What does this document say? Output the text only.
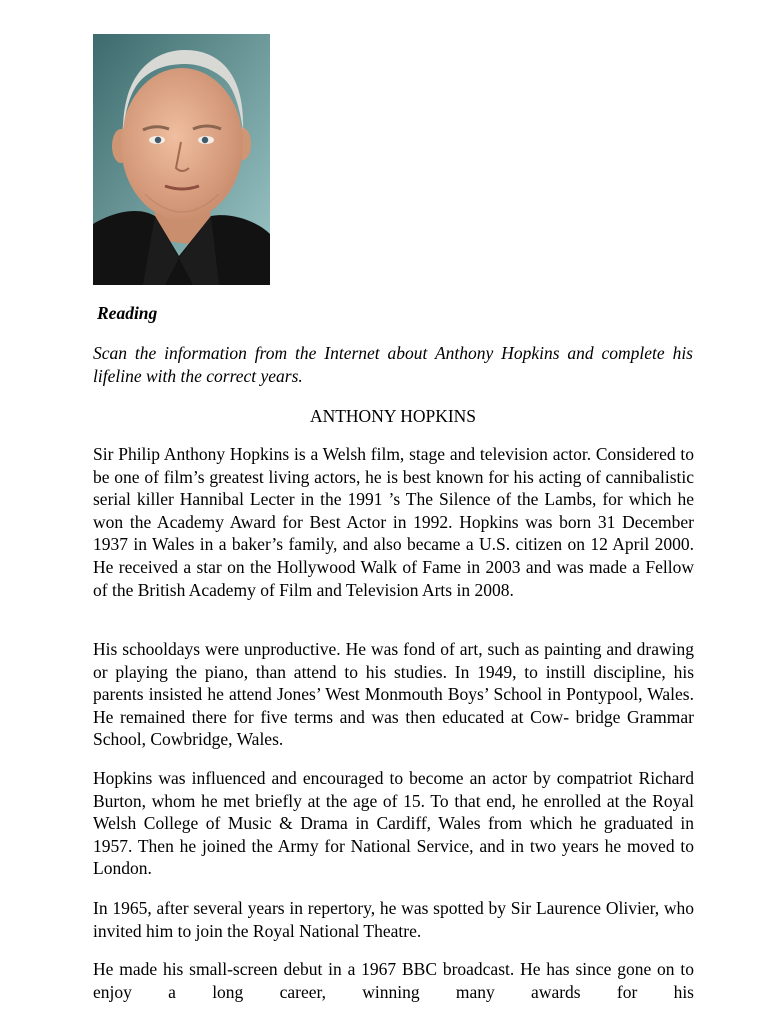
Reading

Scan the information from the Internet about Anthony Hopkins and complete his lifeline with the correct years.

ANTHONY HOPKINS

Sir Philip Anthony Hopkins is a Welsh film, stage and television actor. Considered to be one of film’s greatest living actors, he is best known for his acting of cannibalistic serial killer Hannibal Lecter in the 1991 ’s The Silence of the Lambs, for which he won the Academy Award for Best Actor in 1992. Hopkins was born 31 December 1937 in Wales in a baker’s family, and also became a U.S. citizen on 12 April 2000. He received a star on the Hollywood Walk of Fame in 2003 and was made a Fellow of the British Academy of Film and Television Arts in 2008.

His schooldays were unproductive. He was fond of art, such as painting and drawing or playing the piano, than attend to his studies. In 1949, to instill discipline, his parents insisted he attend Jones’ West Monmouth Boys’ School in Pontypool, Wales. He remained there for five terms and was then educated at Cow- bridge Grammar School, Cowbridge, Wales.

Hopkins was influenced and encouraged to become an actor by compatriot Richard Burton, whom he met briefly at the age of 15. To that end, he enrolled at the Royal Welsh College of Music & Drama in Cardiff, Wales from which he graduated in 1957. Then he joined the Army for National Service, and in two years he moved to London.

In 1965, after several years in repertory, he was spotted by Sir Laurence Olivier, who invited him to join the Royal National Theatre.

He made his small-screen debut in a 1967 BBC broadcast. He has since gone on to enjoy a long career, winning many awards for his
